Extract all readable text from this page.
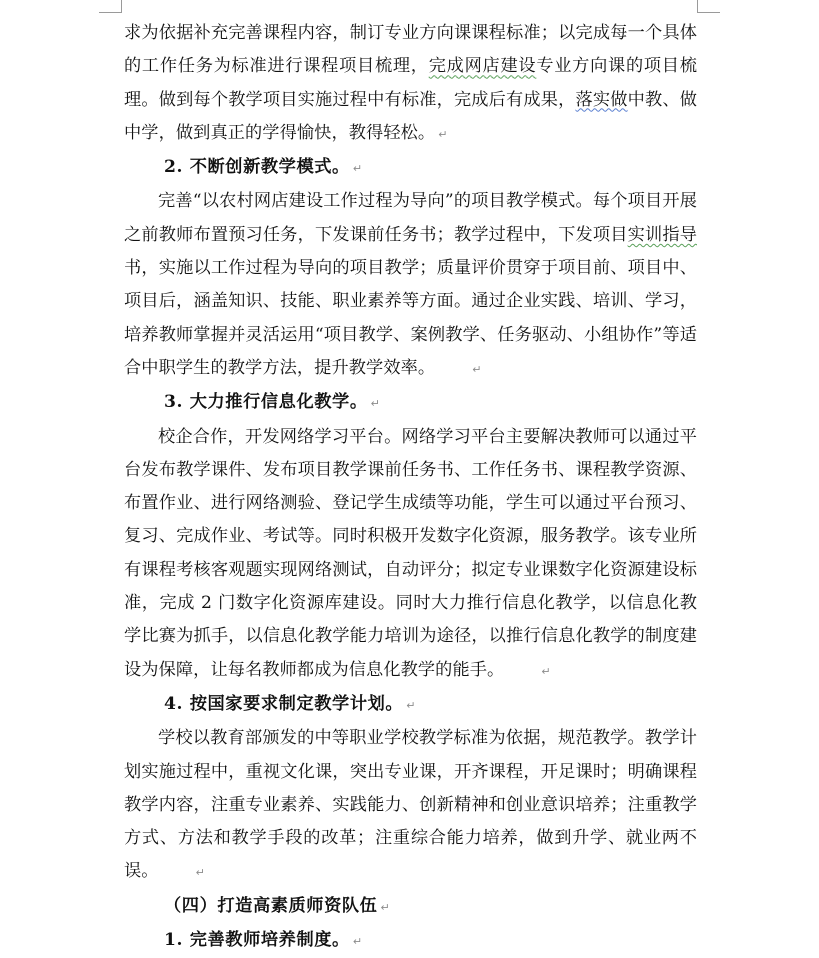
求为依据补充完善课程内容，制订专业方向课课程标准；以完成每一个具体的工作任务为标准进行课程项目梳理，完成网店建设专业方向课的项目梳理。做到每个教学项目实施过程中有标准，完成后有成果，落实做中教、做中学，做到真正的学得愉快，教得轻松。 ↵

2. 不断创新教学模式。 ↵

完善“以农村网店建设工作过程为导向”的项目教学模式。每个项目开展之前教师布置预习任务，下发课前任务书；教学过程中，下发项目实训指导书，实施以工作过程为导向的项目教学；质量评价贯穿于项目前、项目中、项目后，涵盖知识、技能、职业素养等方面。通过企业实践、培训、学习，培养教师掌握并灵活运用“项目教学、案例教学、任务驱动、小组协作”等适合中职学生的教学方法，提升教学效率。	↵

3. 大力推行信息化教学。 ↵

校企合作，开发网络学习平台。网络学习平台主要解决教师可以通过平台发布教学课件、发布项目教学课前任务书、工作任务书、课程教学资源、布置作业、进行网络测验、登记学生成绩等功能，学生可以通过平台预习、复习、完成作业、考试等。同时积极开发数字化资源，服务教学。该专业所有课程考核客观题实现网络测试，自动评分；拟定专业课数字化资源建设标准，完成 2 门数字化资源库建设。同时大力推行信息化教学，以信息化教学比赛为抓手，以信息化教学能力培训为途径，以推行信息化教学的制度建设为保障，让每名教师都成为信息化教学的能手。	↵

4. 按国家要求制定教学计划。 ↵

学校以教育部颁发的中等职业学校教学标准为依据，规范教学。教学计划实施过程中，重视文化课，突出专业课，开齐课程，开足课时；明确课程教学内容，注重专业素养、实践能力、创新精神和创业意识培养；注重教学方式、方法和教学手段的改革；注重综合能力培养，做到升学、就业两不误。	↵

（四）打造高素质师资队伍 ↵

1. 完善教师培养制度。 ↵
